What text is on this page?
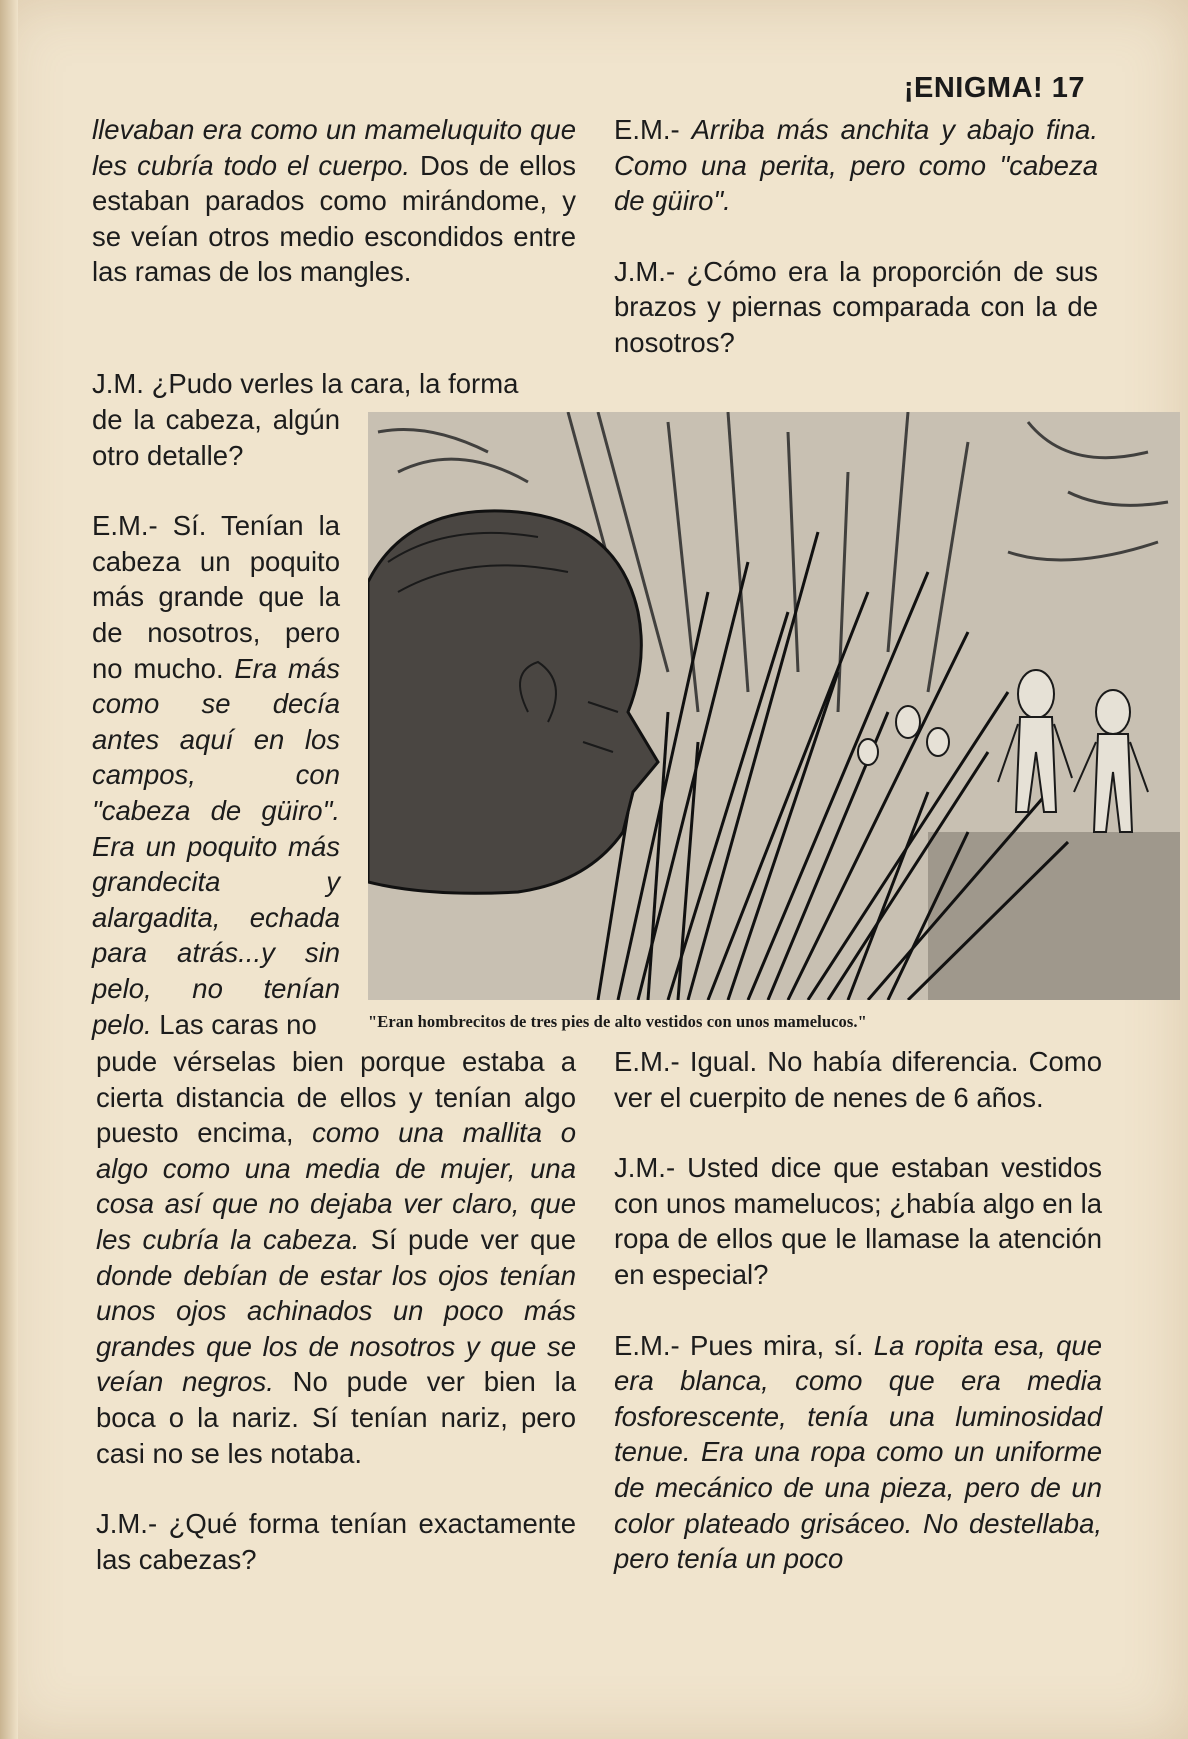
¡ENIGMA! 17

llevaban era como un mameluquito que les cubría todo el cuerpo. Dos de ellos estaban parados como mirándome, y se veían otros medio escondidos entre las ramas de los mangles.

J.M. ¿Pudo verles la cara, la forma

de la cabeza, algún otro detalle?

E.M.- Sí. Tenían la cabeza un poquito más grande que la de nosotros, pero no mucho. Era más como se decía antes aquí en los campos, con "cabeza de güiro". Era un poquito más grandecita y alargadita, echada para atrás...y sin pelo, no tenían pelo. Las caras no

pude vérselas bien porque estaba a cierta distancia de ellos y tenían algo puesto encima, como una mallita o algo como una media de mujer, una cosa así que no dejaba ver claro, que les cubría la cabeza. Sí pude ver que donde debían de estar los ojos tenían unos ojos achinados un poco más grandes que los de nosotros y que se veían negros. No pude ver bien la boca o la nariz. Sí tenían nariz, pero casi no se les notaba.

J.M.- ¿Qué forma tenían exactamente las cabezas?

E.M.- Arriba más anchita y abajo fina. Como una perita, pero como "cabeza de güiro".

J.M.- ¿Cómo era la proporción de sus brazos y piernas comparada con la de nosotros?

E.M.- Igual. No había diferencia. Como ver el cuerpito de nenes de 6 años.

J.M.- Usted dice que estaban vestidos con unos mamelucos; ¿había algo en la ropa de ellos que le llamase la atención en especial?

E.M.- Pues mira, sí. La ropita esa, que era blanca, como que era media fosforescente, tenía una luminosidad tenue. Era una ropa como un uniforme de mecánico de una pieza, pero de un color plateado grisáceo. No destellaba, pero tenía un poco

"Eran hombrecitos de tres pies de alto vestidos con unos mamelucos."
